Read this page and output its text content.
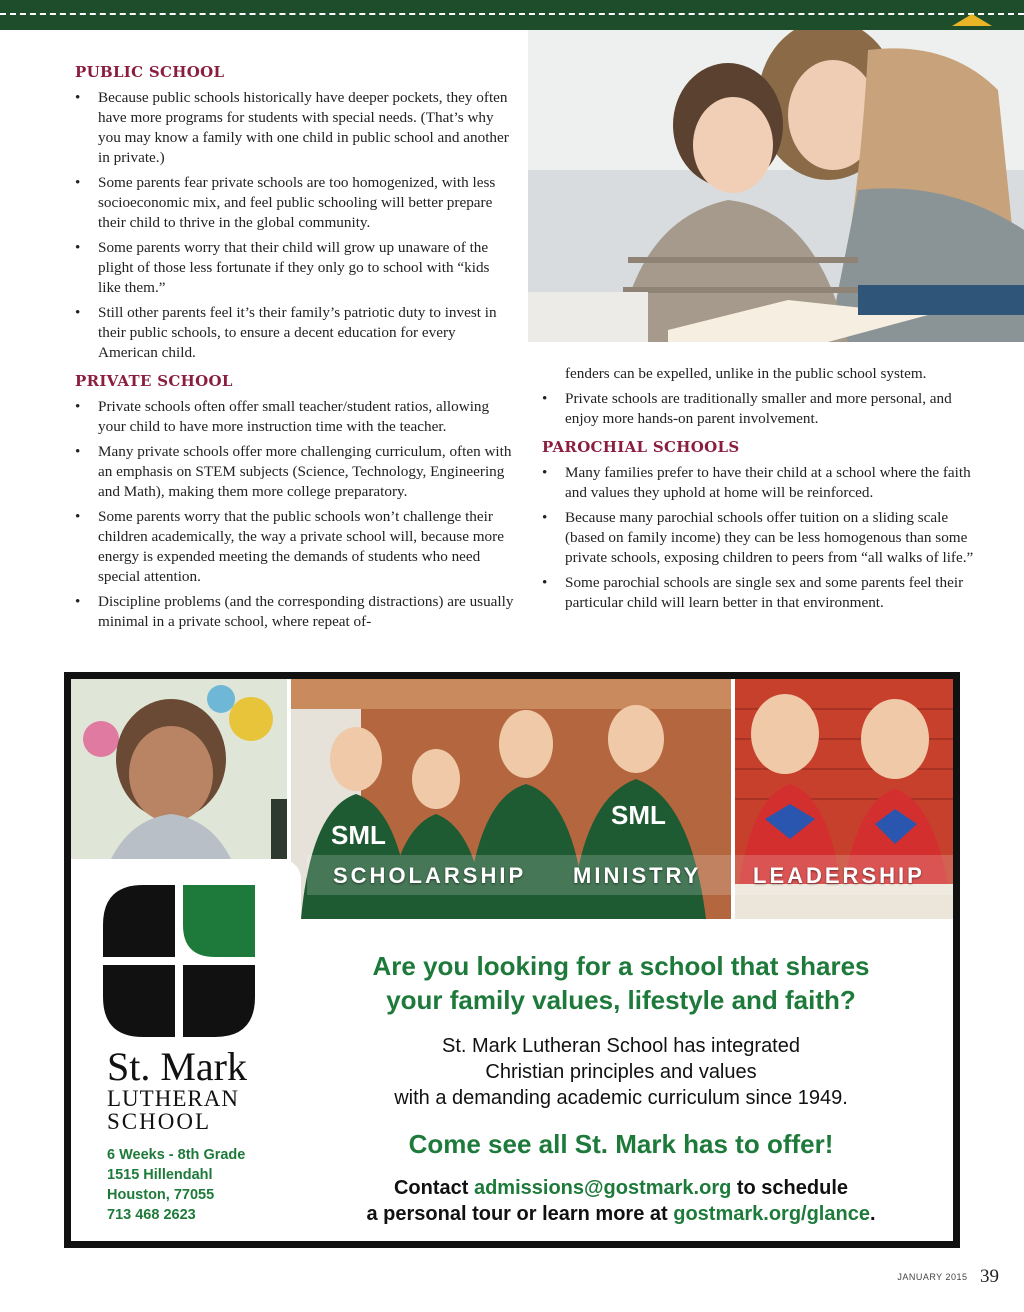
PUBLIC SCHOOL
• Because public schools historically have deeper pockets, they often have more programs for students with special needs. (That’s why you may know a family with one child in public school and another in private.)
• Some parents fear private schools are too homogenized, with less socioeconomic mix, and feel public schooling will better prepare their child to thrive in the global community.
• Some parents worry that their child will grow up unaware of the plight of those less fortunate if they only go to school with “kids like them.”
• Still other parents feel it’s their family’s patriotic duty to invest in their public schools, to ensure a decent education for every American child.
PRIVATE SCHOOL
• Private schools often offer small teacher/student ratios, allowing your child to have more instruction time with the teacher.
• Many private schools offer more challenging curriculum, often with an emphasis on STEM subjects (Science, Technology, Engineering and Math), making them more college preparatory.
• Some parents worry that the public schools won’t challenge their children academically, the way a private school will, because more energy is expended meeting the demands of students who need special attention.
• Discipline problems (and the corresponding distractions) are usually minimal in a private school, where repeat of-
fenders can be expelled, unlike in the public school system.
• Private schools are traditionally smaller and more personal, and enjoy more hands-on parent involvement.
PAROCHIAL SCHOOLS
• Many families prefer to have their child at a school where the faith and values they uphold at home will be reinforced.
• Because many parochial schools offer tuition on a sliding scale (based on family income) they can be less homogenous than some private schools, exposing children to peers from “all walks of life.”
• Some parochial schools are single sex and some parents feel their particular child will learn better in that environment.
SML
SML
SCHOLARSHIP MINISTRY LEADERSHIP
St. Mark
LUTHERAN
SCHOOL
6 Weeks - 8th Grade
1515 Hillendahl
Houston, 77055
713 468 2623
Are you looking for a school that shares
your family values, lifestyle and faith?
St. Mark Lutheran School has integrated
Christian principles and values
with a demanding academic curriculum since 1949.
Come see all St. Mark has to offer!
Contact admissions@gostmark.org to schedule
a personal tour or learn more at gostmark.org/glance.
JANUARY 2015 39
